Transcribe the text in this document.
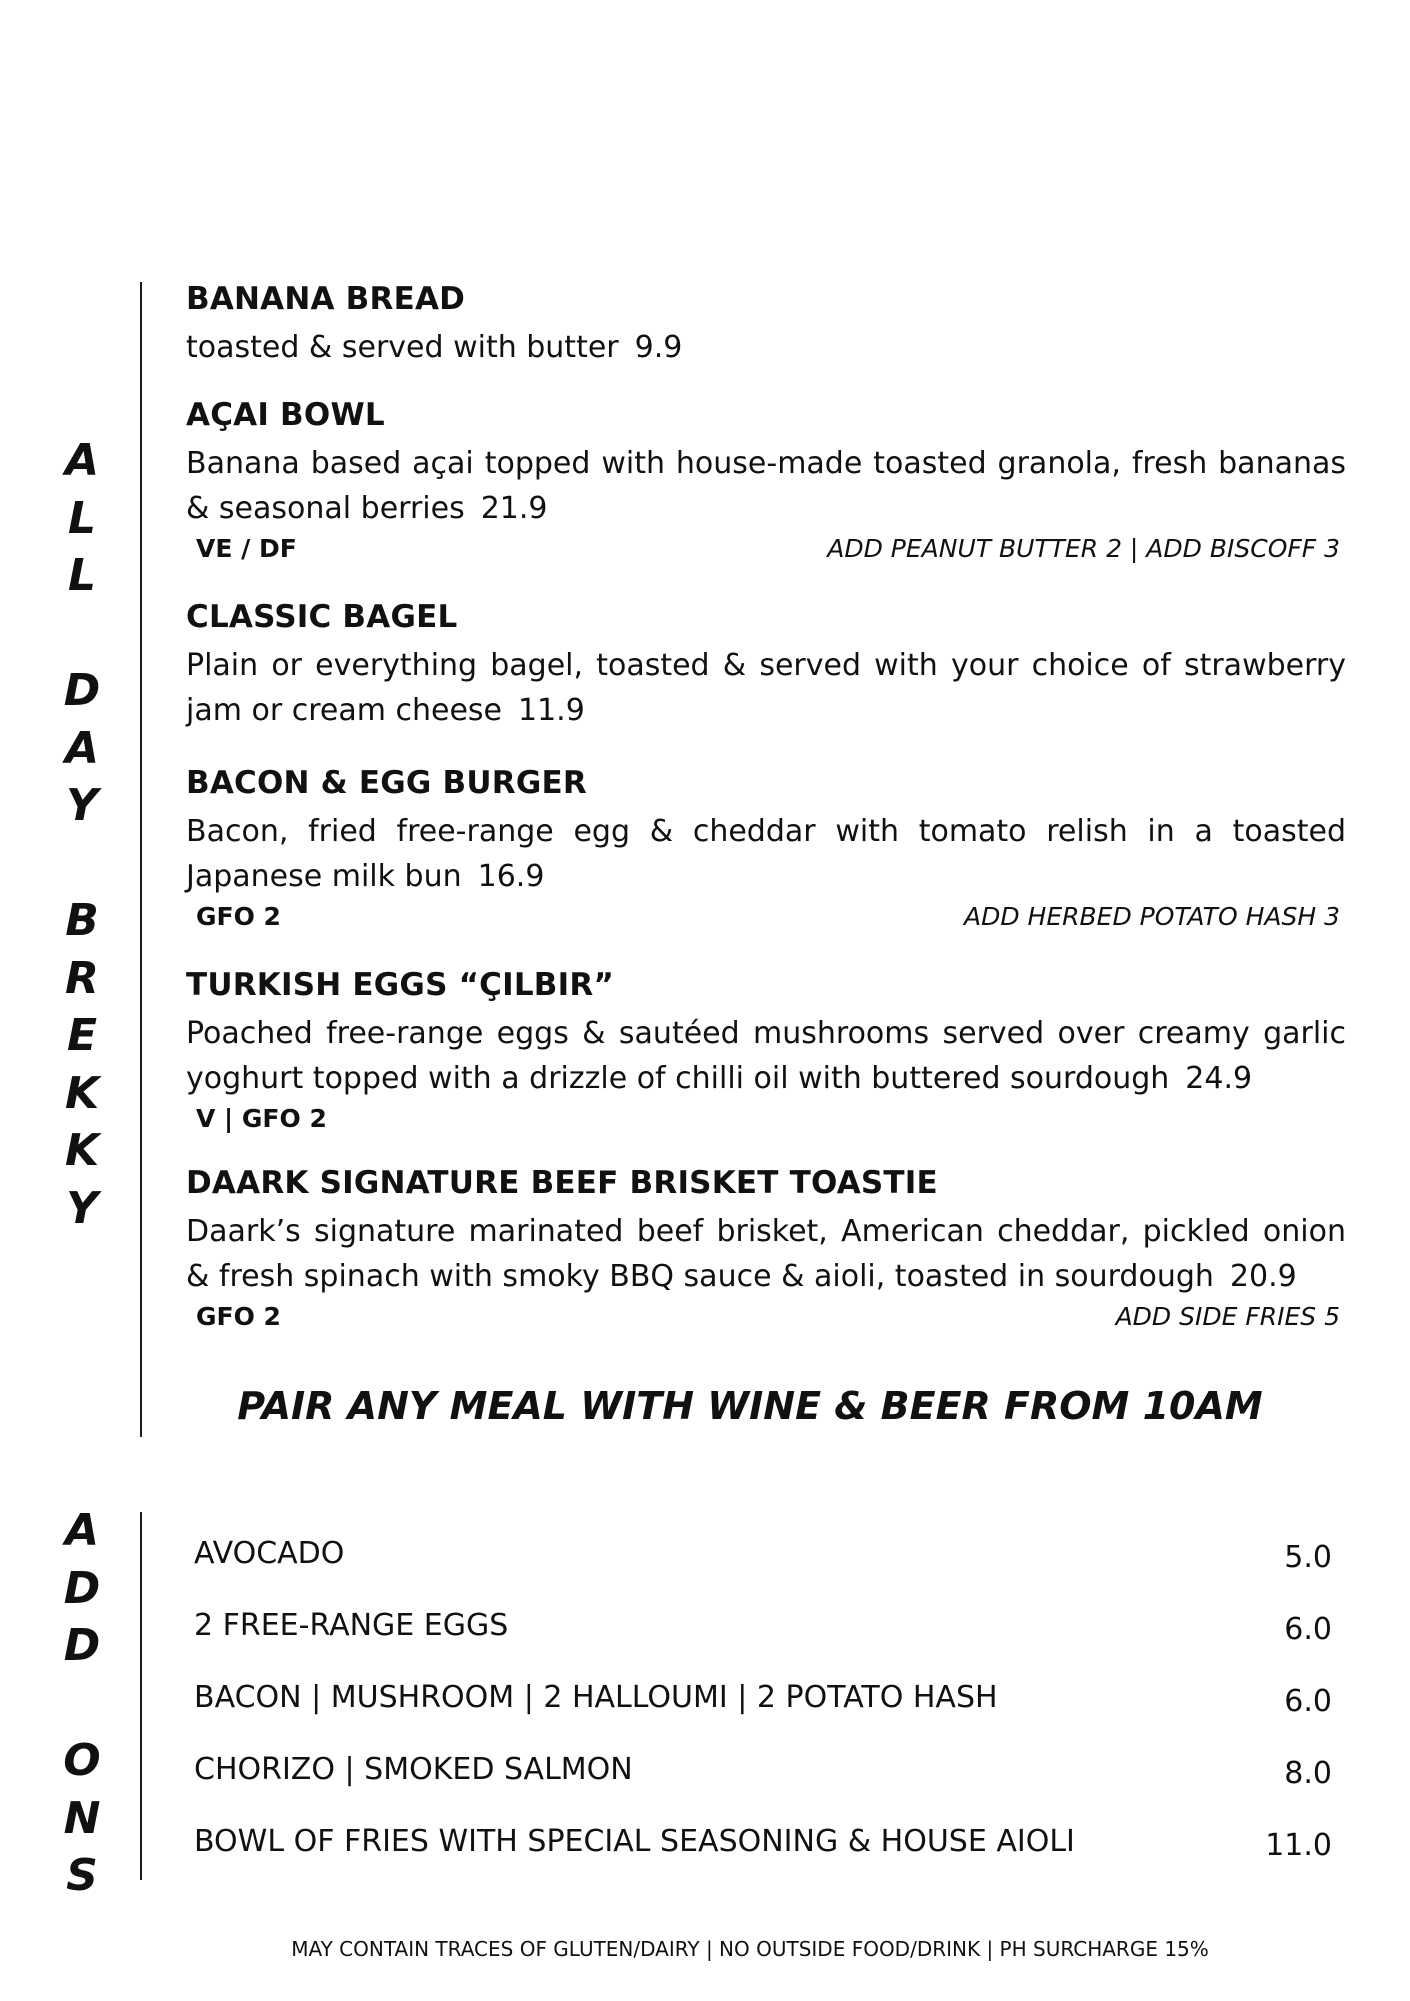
A
L
L
D
A
Y
B
R
E
K
K
Y
A
D
D
O
N
S
BANANA BREAD
toasted & served with butter 9.9
AÇAI BOWL
Banana based açai topped with house-made toasted granola, fresh bananas & seasonal berries 21.9
VE / DF	ADD PEANUT BUTTER 2 | ADD BISCOFF 3
CLASSIC BAGEL
Plain or everything bagel, toasted & served with your choice of strawberry jam or cream cheese 11.9
BACON & EGG BURGER
Bacon, fried free-range egg & cheddar with tomato relish in a toasted Japanese milk bun 16.9
GFO 2	ADD HERBED POTATO HASH 3
TURKISH EGGS “ÇILBIR”
Poached free-range eggs & sautéed mushrooms served over creamy garlic yoghurt topped with a drizzle of chilli oil with buttered sourdough 24.9
V | GFO 2
DAARK SIGNATURE BEEF BRISKET TOASTIE
Daark’s signature marinated beef brisket, American cheddar, pickled onion & fresh spinach with smoky BBQ sauce & aioli, toasted in sourdough 20.9
GFO 2	ADD SIDE FRIES 5
PAIR ANY MEAL WITH WINE & BEER FROM 10AM
AVOCADO	5.0
2 FREE-RANGE EGGS	6.0
BACON | MUSHROOM | 2 HALLOUMI | 2 POTATO HASH	6.0
CHORIZO | SMOKED SALMON	8.0
BOWL OF FRIES WITH SPECIAL SEASONING & HOUSE AIOLI	11.0
MAY CONTAIN TRACES OF GLUTEN/DAIRY | NO OUTSIDE FOOD/DRINK | PH SURCHARGE 15%
